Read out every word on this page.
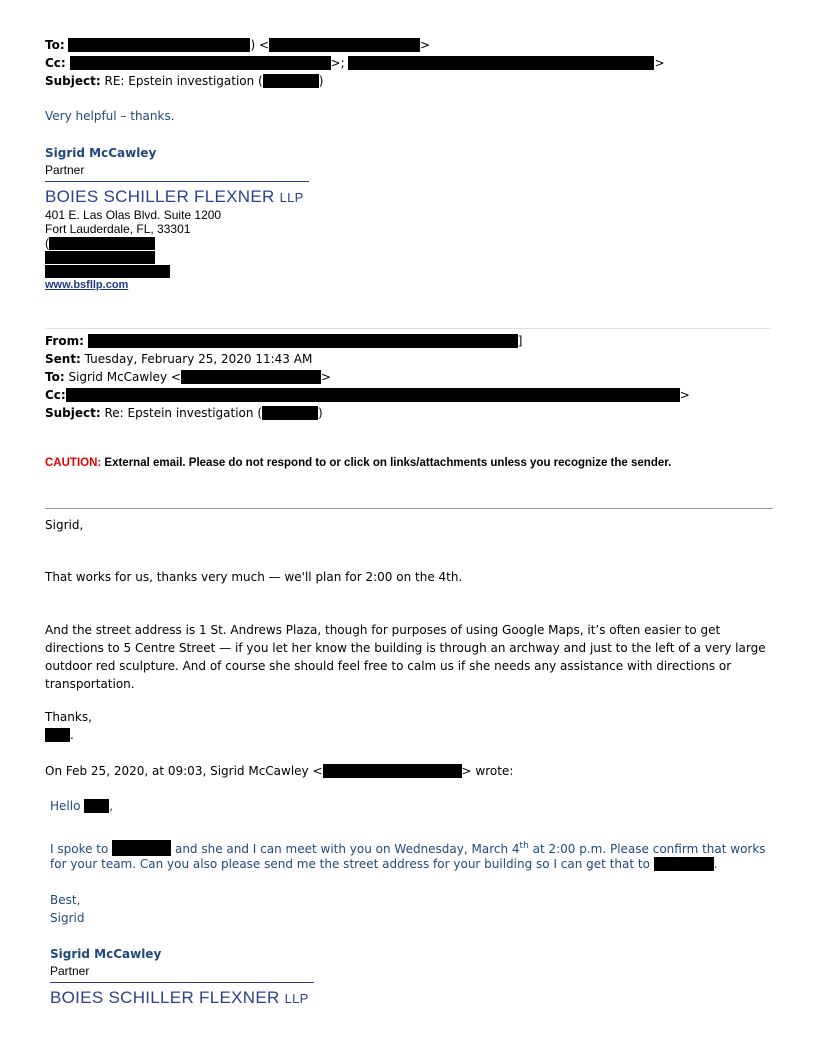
To:	) <	>
Cc:	>;	>
Subject: RE: Epstein investigation (	)
Very helpful – thanks.
Sigrid McCawley
Partner
BOIES SCHILLER FLEXNER LLP
401 E. Las Olas Blvd. Suite 1200
Fort Lauderdale, FL, 33301
(
www.bsfllp.com
From:	]
Sent: Tuesday, February 25, 2020 11:43 AM
To: Sigrid McCawley <	>
Cc:	>
Subject: Re: Epstein investigation (	)
CAUTION: External email. Please do not respond to or click on links/attachments unless you recognize the sender.
Sigrid,
That works for us, thanks very much — we'll plan for 2:00 on the 4th.
And the street address is 1 St. Andrews Plaza, though for purposes of using Google Maps, it’s often easier to get directions to 5 Centre Street — if you let her know the building is through an archway and just to the left of a very large outdoor red sculpture. And of course she should feel free to calm us if she needs any assistance with directions or transportation.
Thanks,
.
On Feb 25, 2020, at 09:03, Sigrid McCawley <	> wrote:
Hello ,
I spoke to	and she and I can meet with you on Wednesday, March 4th at 2:00 p.m. Please confirm that works
for your team. Can you also please send me the street address for your building so I can get that to	.
Best,
Sigrid
Sigrid McCawley
Partner
BOIES SCHILLER FLEXNER LLP
